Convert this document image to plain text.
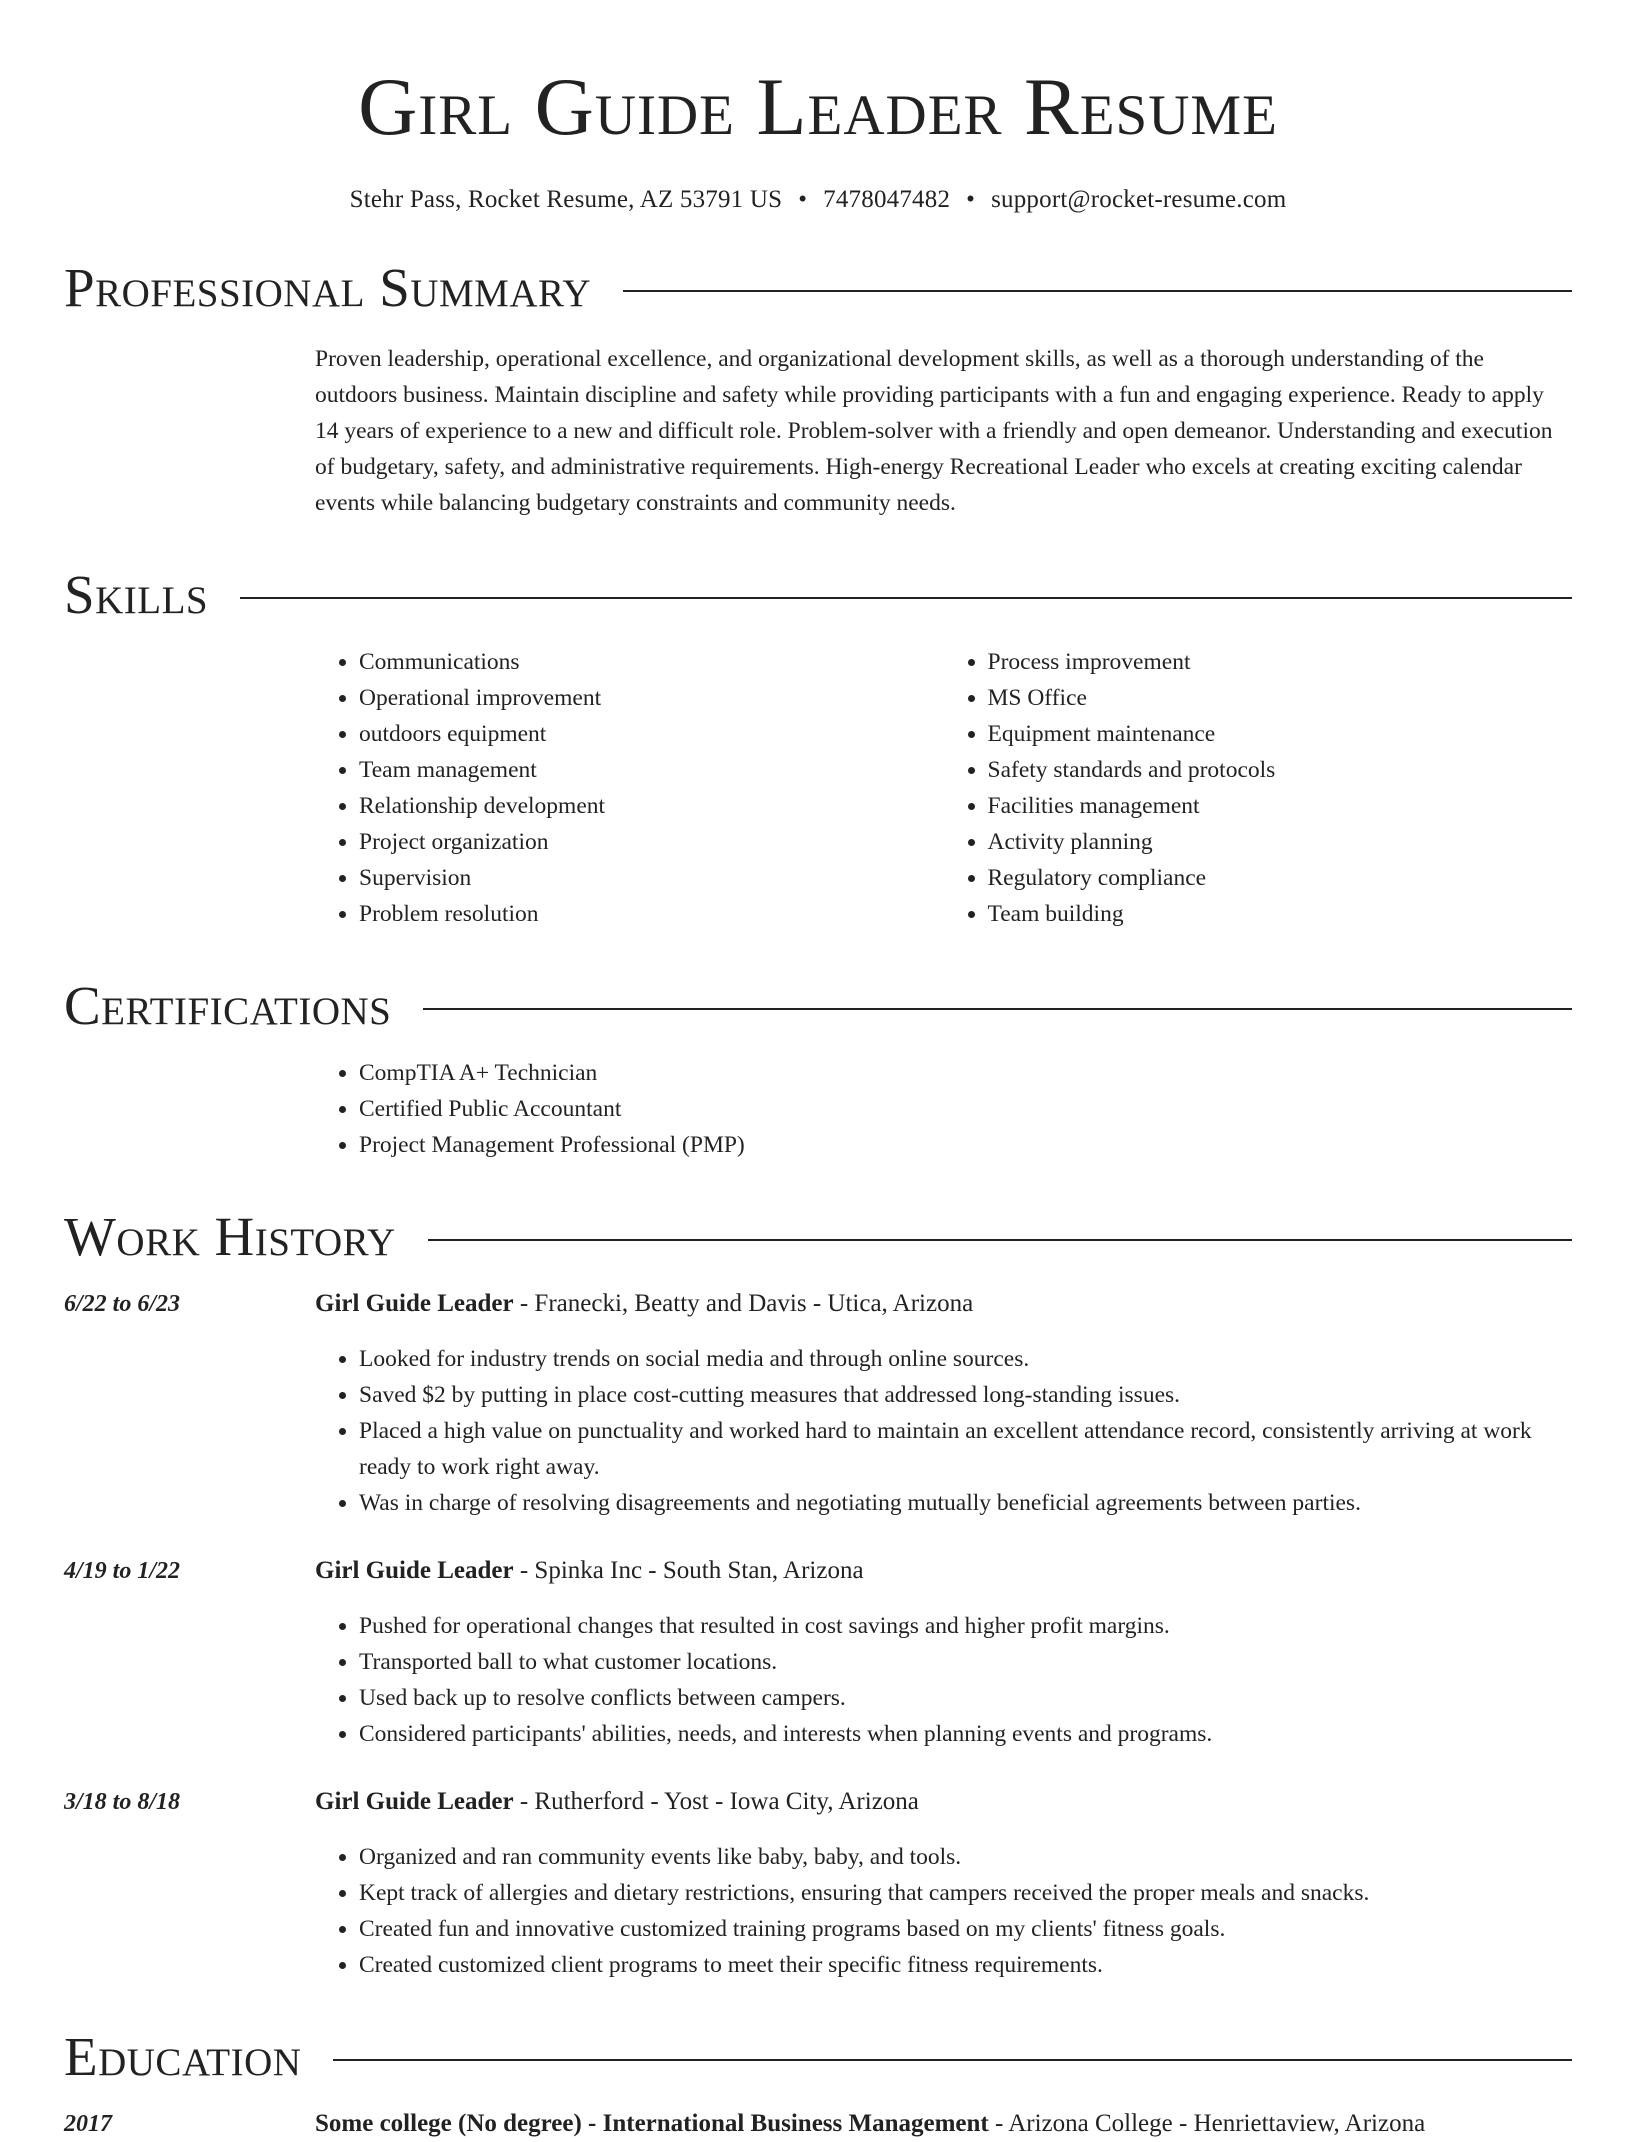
Girl Guide Leader Resume
Stehr Pass, Rocket Resume, AZ 53791 US • 7478047482 • support@rocket-resume.com
Professional Summary
Proven leadership, operational excellence, and organizational development skills, as well as a thorough understanding of the outdoors business. Maintain discipline and safety while providing participants with a fun and engaging experience. Ready to apply 14 years of experience to a new and difficult role. Problem-solver with a friendly and open demeanor. Understanding and execution of budgetary, safety, and administrative requirements. High-energy Recreational Leader who excels at creating exciting calendar events while balancing budgetary constraints and community needs.
Skills
• Communications
• Operational improvement
• outdoors equipment
• Team management
• Relationship development
• Project organization
• Supervision
• Problem resolution
• Process improvement
• MS Office
• Equipment maintenance
• Safety standards and protocols
• Facilities management
• Activity planning
• Regulatory compliance
• Team building
Certifications
• CompTIA A+ Technician
• Certified Public Accountant
• Project Management Professional (PMP)
Work History
6/22 to 6/23	Girl Guide Leader - Franecki, Beatty and Davis - Utica, Arizona
• Looked for industry trends on social media and through online sources.
• Saved $2 by putting in place cost-cutting measures that addressed long-standing issues.
• Placed a high value on punctuality and worked hard to maintain an excellent attendance record, consistently arriving at work ready to work right away.
• Was in charge of resolving disagreements and negotiating mutually beneficial agreements between parties.
4/19 to 1/22	Girl Guide Leader - Spinka Inc - South Stan, Arizona
• Pushed for operational changes that resulted in cost savings and higher profit margins.
• Transported ball to what customer locations.
• Used back up to resolve conflicts between campers.
• Considered participants' abilities, needs, and interests when planning events and programs.
3/18 to 8/18	Girl Guide Leader - Rutherford - Yost - Iowa City, Arizona
• Organized and ran community events like baby, baby, and tools.
• Kept track of allergies and dietary restrictions, ensuring that campers received the proper meals and snacks.
• Created fun and innovative customized training programs based on my clients' fitness goals.
• Created customized client programs to meet their specific fitness requirements.
Education
2017	Some college (No degree) - International Business Management - Arizona College - Henriettaview, Arizona
